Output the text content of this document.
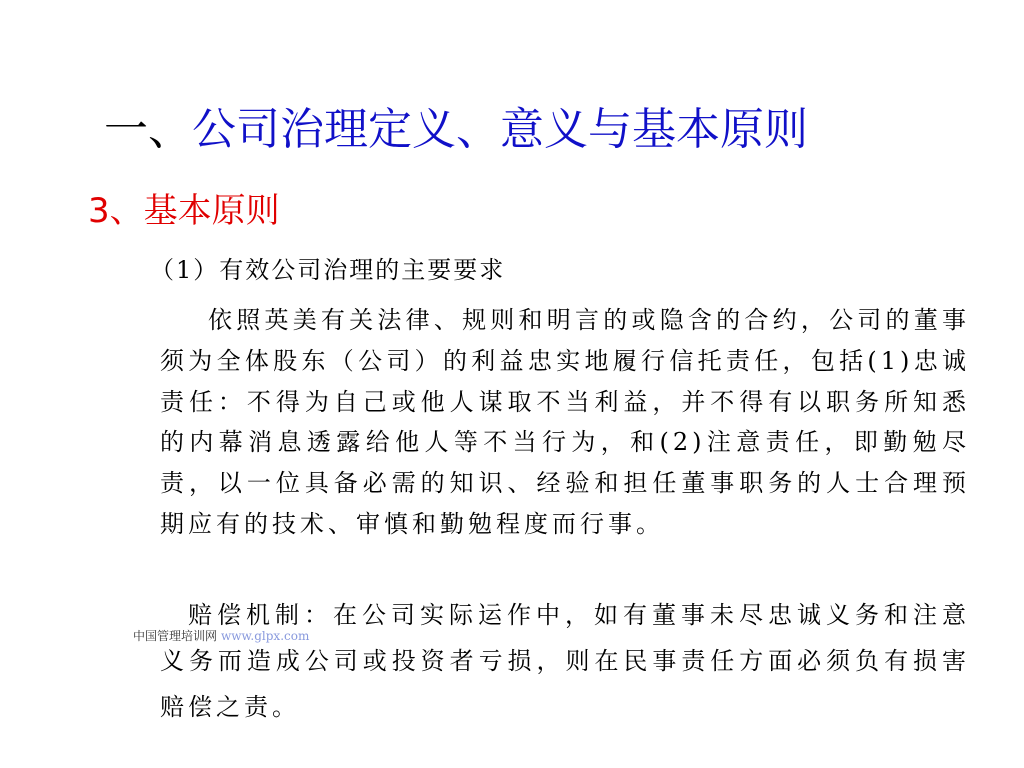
一、公司治理定义、意义与基本原则
3、基本原则
（1）有效公司治理的主要要求
依照英美有关法律、规则和明言的或隐含的合约，公司的董事须为全体股东（公司）的利益忠实地履行信托责任，包括(1)忠诚责任：不得为自己或他人谋取不当利益，并不得有以职务所知悉的内幕消息透露给他人等不当行为，和(2)注意责任，即勤勉尽责，以一位具备必需的知识、经验和担任董事职务的人士合理预期应有的技术、审慎和勤勉程度而行事。
赔偿机制：在公司实际运作中，如有董事未尽忠诚义务和注意义务而造成公司或投资者亏损，则在民事责任方面必须负有损害赔偿之责。
中国管理培训网 www.glpx.com
